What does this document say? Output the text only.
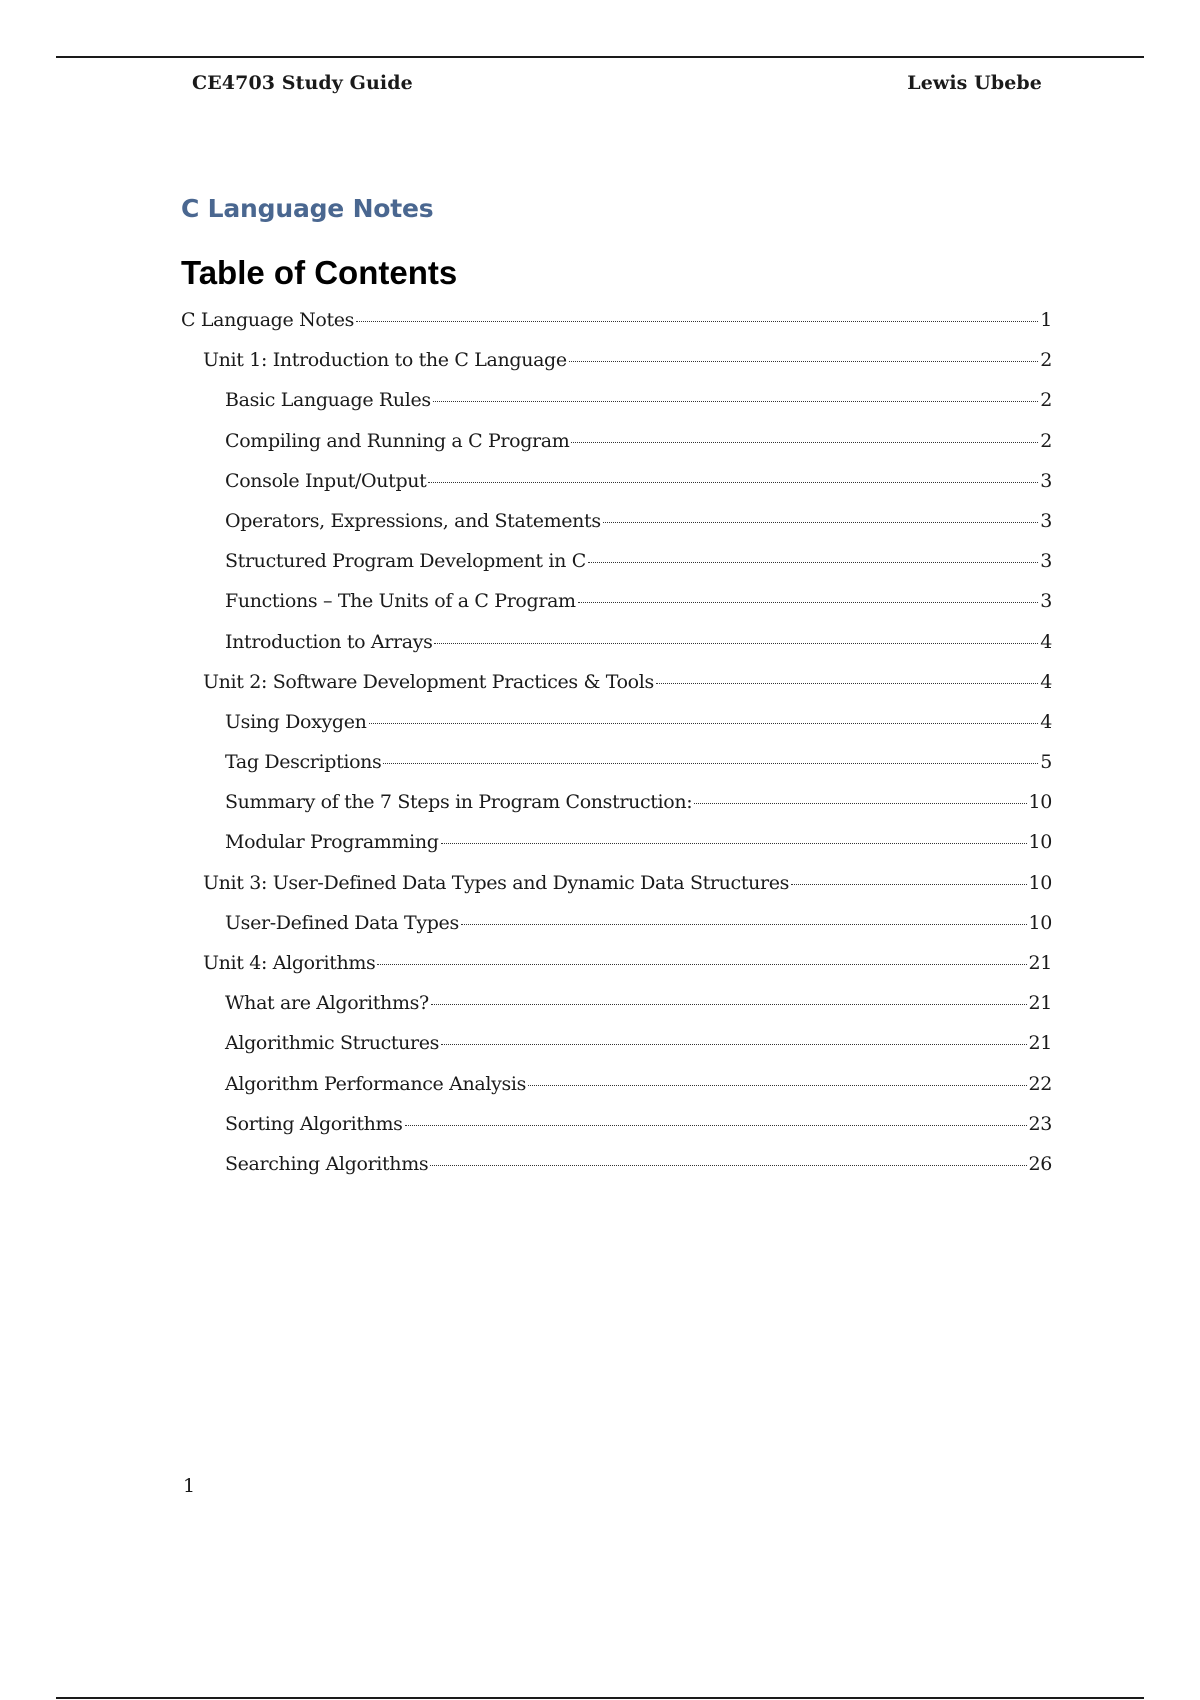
CE4703 Study Guide	Lewis Ubebe
C Language Notes
Table of Contents
C Language Notes	1
Unit 1: Introduction to the C Language	2
Basic Language Rules	2
Compiling and Running a C Program	2
Console Input/Output	3
Operators, Expressions, and Statements	3
Structured Program Development in C	3
Functions – The Units of a C Program	3
Introduction to Arrays	4
Unit 2: Software Development Practices & Tools	4
Using Doxygen	4
Tag Descriptions	5
Summary of the 7 Steps in Program Construction:	10
Modular Programming	10
Unit 3: User-Defined Data Types and Dynamic Data Structures	10
User-Defined Data Types	10
Unit 4: Algorithms	21
What are Algorithms?	21
Algorithmic Structures	21
Algorithm Performance Analysis	22
Sorting Algorithms	23
Searching Algorithms	26
1
